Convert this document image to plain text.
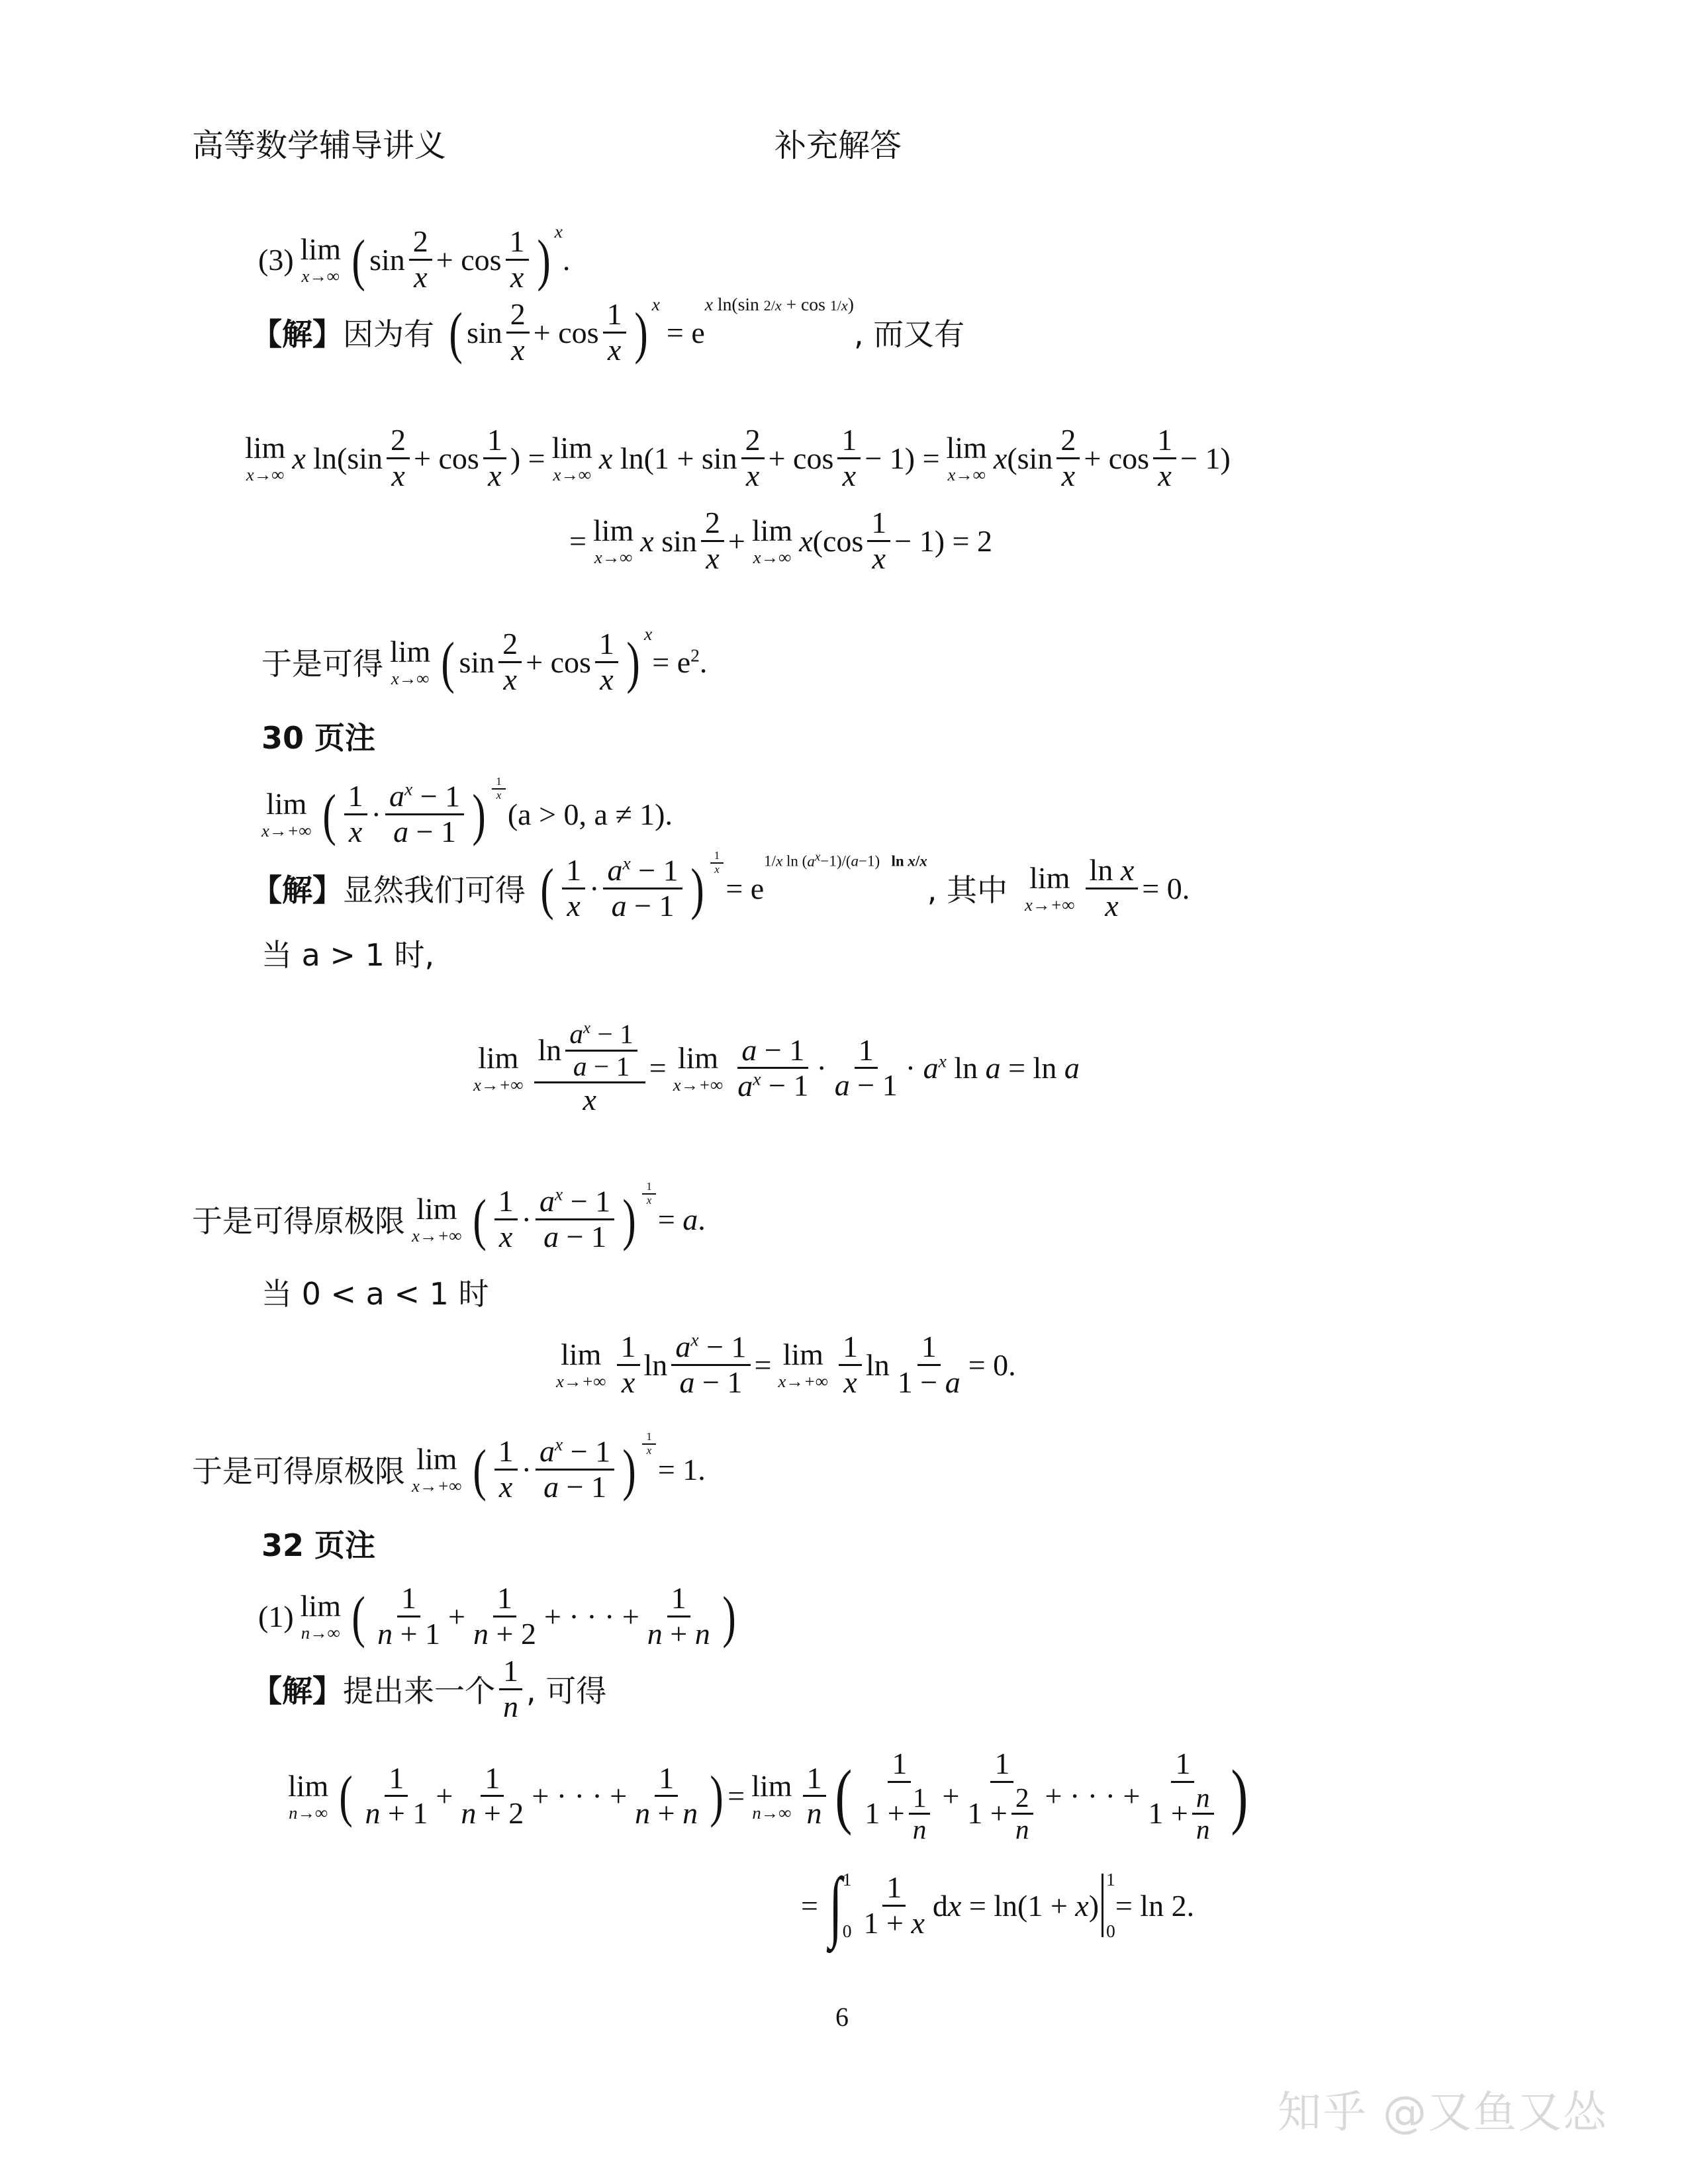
高等数学辅导讲义	补充解答
(3) lim
x→∞ ( $\sin \frac{2}{x} + \cos \frac{1}{x}$ ) x
.
【解】 因为有 ( $\sin \frac{2}{x} + \cos \frac{1}{x}$ ) x
= e
x ln(sin 2/x + cos 1/x)
, 而又有
lim
x→∞ x $\ln(\sin \frac{2}{x} + \cos \frac{1}{x}$ ) = lim
x→∞ x $\ln(1 + \sin \frac{2}{x} + \cos \frac{1}{x} - 1) = \lim$
x→∞ $x(\sin \frac{2}{x} + \cos \frac{1}{x} - 1)$
= lim
x→∞ x $\sin \frac{2}{x} + \lim$
x→∞ $x(\cos \frac{1}{x} - 1) = 2$
于是可得 lim
x→∞ ( $\sin \frac{2}{x} + \cos \frac{1}{x}$ ) x
= $e^2$.
30 页注
lim
x→+∞ ( $\frac{1}{x} \cdot \frac{a^x - 1}{a - 1}$ ) $\frac{1}{x}$
(a > 0, a ≠ 1).
【解】 显然我们可得 ( $\frac{1}{x} \cdot \frac{a^x - 1}{a - 1}$ ) $\frac{1}{x}$
= e
1/x $\ln (a^x-1)/(a-1)$   ln x/x
, 其中 lim
$x\to+\infty \frac{\text{ln x}}{x} = 0$.
当 a > 1 时,
lim
$x\to+\infty \frac{\ln \frac{a^x - 1}{a - 1}}{x} = \lim$
$x\to+\infty \frac{a - 1}{a^x - 1} \cdot \frac{1}{a - 1} \cdot a^x$ ln a = ln a
于是可得原极限 lim
x→+∞ ( $\frac{1}{x} \cdot \frac{a^x - 1}{a - 1}$ ) $\frac{1}{x}$
= a.
当 0 < a < 1 时
lim
$x\to+\infty \frac{1}{x}$ $\ln \frac{a^x - 1}{a - 1} = \lim$
$x\to+\infty \frac{1}{x}$ $\ln \frac{1}{1 - a} = 0$.
于是可得原极限 lim
x→+∞ ( $\frac{1}{x} \cdot \frac{a^x - 1}{a - 1}$ ) $\frac{1}{x}$
= 1.
32 页注
(1) lim
n→∞ ( $\frac{1}{n + 1} + \frac{1}{n + 2}$ + · · · + $\frac{1}{n + n}$ )
【解】 提出来一个 $\frac{1}{n}$ , 可得
lim
n→∞ ( $\frac{1}{n + 1} + \frac{1}{n + 2}$ + · · · + $\frac{1}{n + n}$ ) = lim
$n\to\infty \frac{1}{n}$ ( $\frac{1}{1 + \frac{1}{n}} + \frac{1}{1 + \frac{2}{n}}$ + · · · + $\frac{1}{1 + \frac{n}{n}}$ )
= ∫ 1
$0 \frac{1}{1 + x}$ dx = ln(1 + x)
1
0
= ln 2.
6
知乎 @又鱼又怂
